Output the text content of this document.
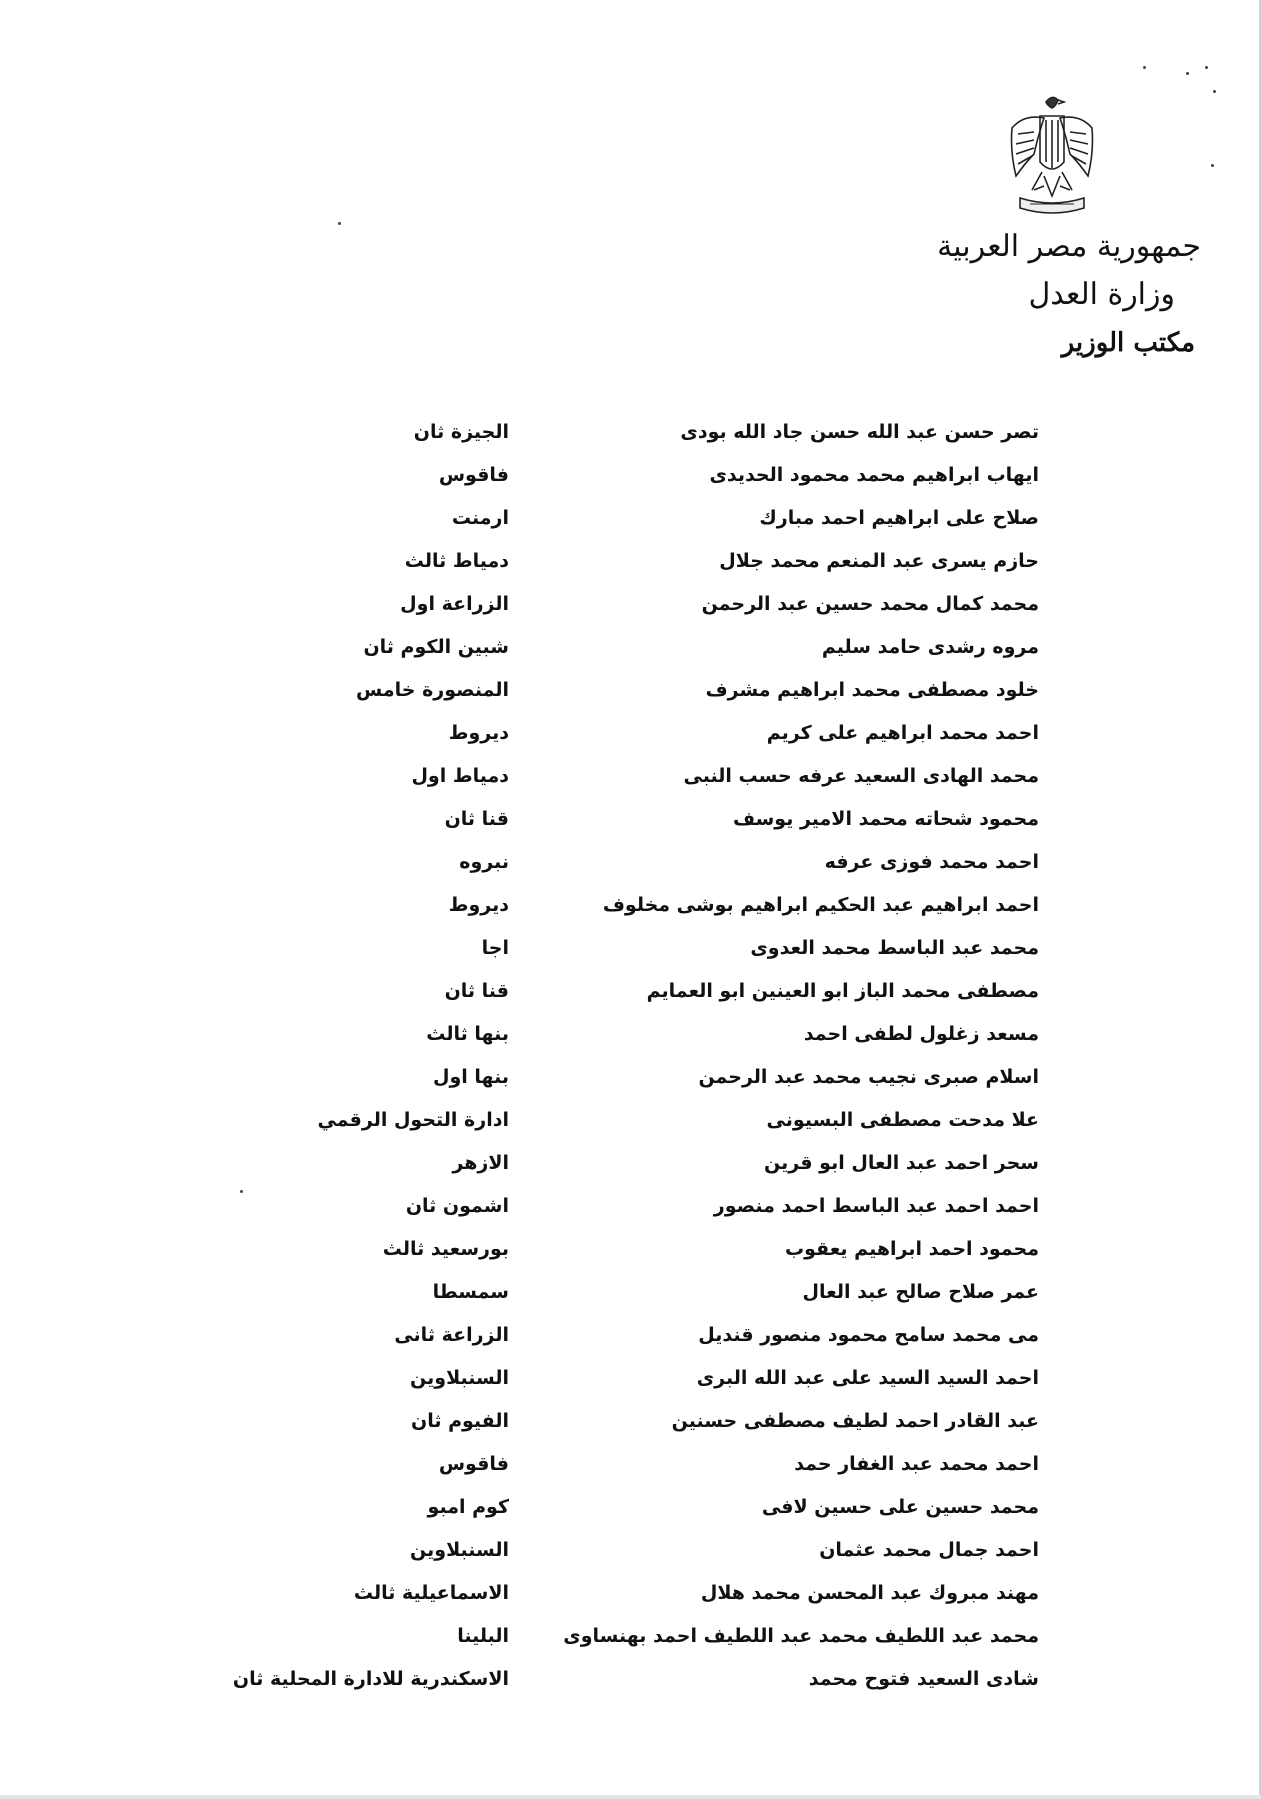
جمهورية مصر العربية
وزارة العدل
مكتب الوزير
تصر حسن عبد الله حسن جاد الله بودى
الجيزة ثان
ايهاب ابراهيم محمد محمود الحديدى
فاقوس
صلاح على ابراهيم احمد مبارك
ارمنت
حازم يسرى عبد المنعم محمد جلال
دمياط ثالث
محمد كمال محمد حسين عبد الرحمن
الزراعة اول
مروه رشدى حامد سليم
شبين الكوم ثان
خلود مصطفى محمد ابراهيم مشرف
المنصورة خامس
احمد محمد ابراهيم على كريم
ديروط
محمد الهادى السعيد عرفه حسب النبى
دمياط اول
محمود شحاته محمد الامير يوسف
قنا ثان
احمد محمد فوزى عرفه
نبروه
احمد ابراهيم عبد الحكيم ابراهيم بوشى مخلوف
ديروط
محمد عبد الباسط محمد العدوى
اجا
مصطفى محمد الباز ابو العينين ابو العمايم
قنا ثان
مسعد زغلول لطفى احمد
بنها ثالث
اسلام صبرى نجيب محمد عبد الرحمن
بنها اول
علا مدحت مصطفى البسيونى
ادارة التحول الرقمي
سحر احمد عبد العال ابو قرين
الازهر
احمد احمد عبد الباسط احمد منصور
اشمون ثان
محمود احمد ابراهيم يعقوب
بورسعيد ثالث
عمر صلاح صالح عبد العال
سمسطا
مى محمد سامح محمود منصور قنديل
الزراعة ثانى
احمد السيد السيد على عبد الله البرى
السنبلاوين
عبد القادر احمد لطيف مصطفى حسنين
الفيوم ثان
احمد محمد عبد الغفار حمد
فاقوس
محمد حسين على حسين لافى
كوم امبو
احمد جمال محمد عثمان
السنبلاوين
مهند مبروك عبد المحسن محمد هلال
الاسماعيلية ثالث
محمد عبد اللطيف محمد عبد اللطيف احمد بهنساوى
البلينا
شادى السعيد فتوح محمد
الاسكندرية للادارة المحلية ثان
